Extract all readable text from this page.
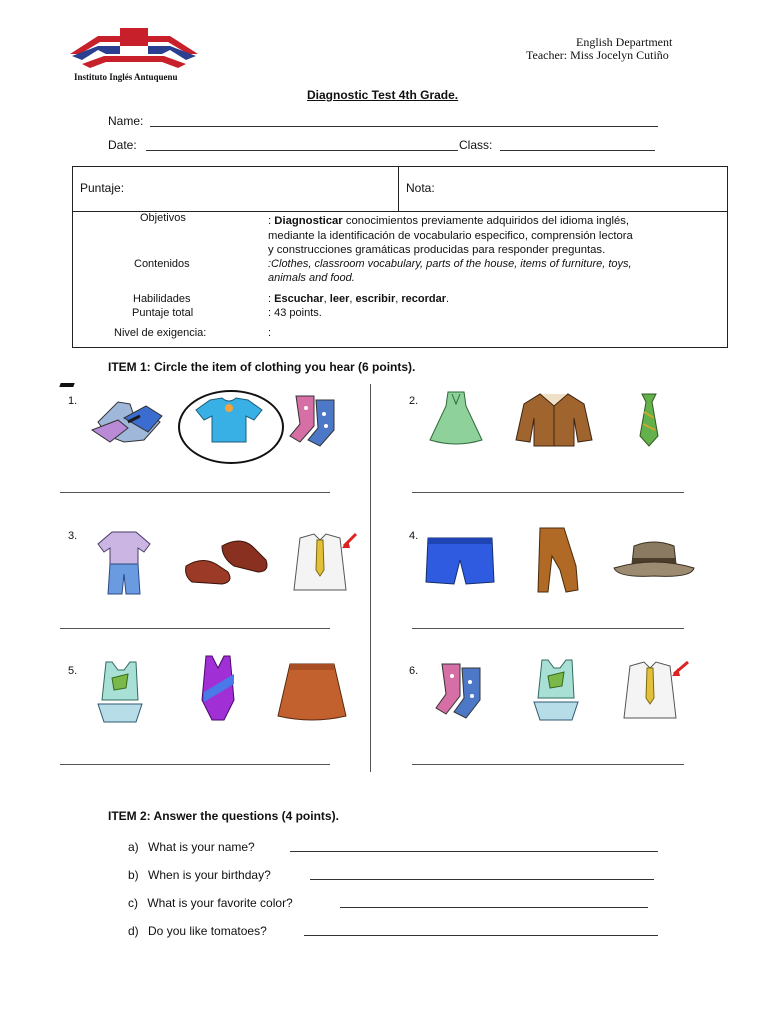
Instituto Inglés Antuquenu
English Department
Teacher: Miss Jocelyn Cutiño
Diagnostic Test 4th Grade.
Name:
Date:	Class:
Puntaje:	Nota:
Objetivos	: Diagnosticar conocimientos previamente adquiridos del idioma inglés,
mediante la identificación de vocabulario especifico, comprensión lectora
y construcciones gramáticas producidas para responder preguntas.
Contenidos	:Clothes, classroom vocabulary, parts of the house, items of furniture, toys,
animals and food.
Habilidades	: Escuchar, leer, escribir, recordar.
Puntaje total	: 43 points.
Nivel de exigencia:	:
ITEM 1: Circle the item of clothing you hear (6 points).
1.	2.
3.	4.
5.	6.
ITEM 2: Answer the questions (4 points).
a) What is your name?
b) When is your birthday?
c) What is your favorite color?
d) Do you like tomatoes?
